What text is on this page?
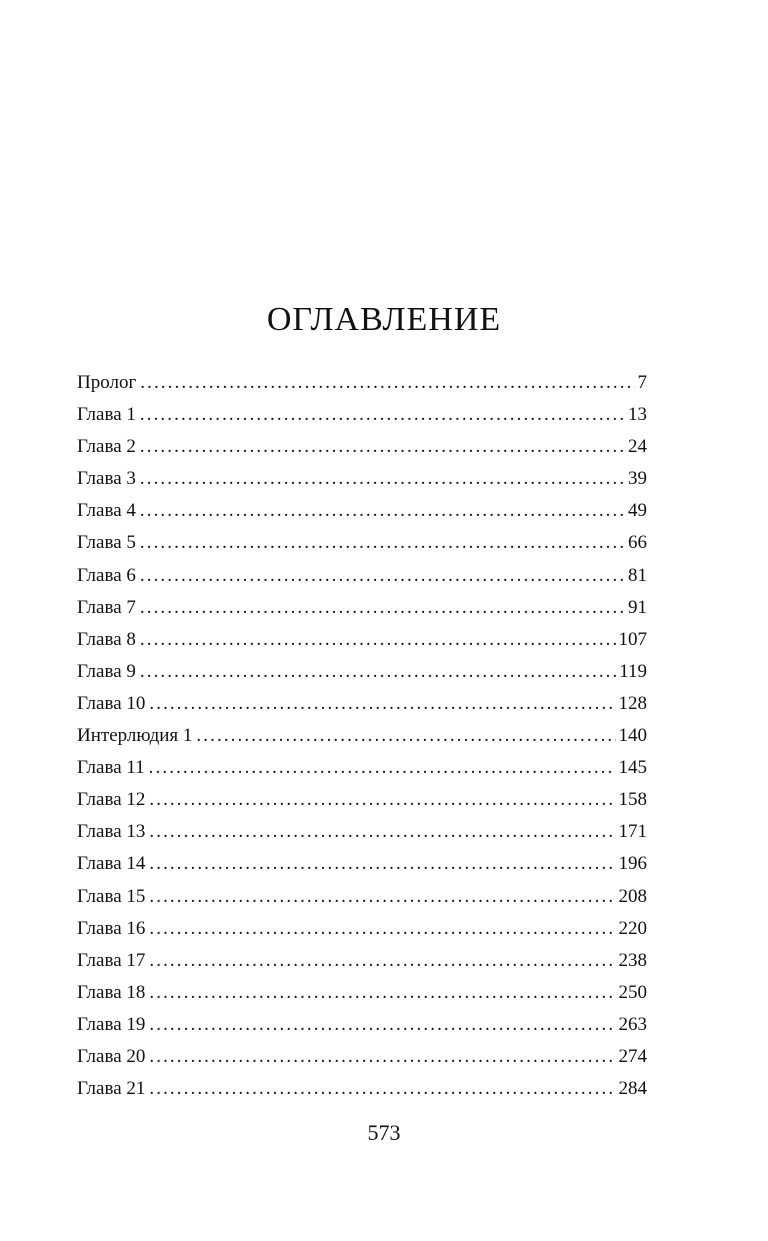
ОГЛАВЛЕНИЕ
Пролог .....	7
Глава 1 .....	13
Глава 2 .....	24
Глава 3 .....	39
Глава 4 .....	49
Глава 5 .....	66
Глава 6 .....	81
Глава 7 .....	91
Глава 8 .....	107
Глава 9 .....	119
Глава 10 .....	128
Интерлюдия 1 .....	140
Глава 11 .....	145
Глава 12 .....	158
Глава 13 .....	171
Глава 14 .....	196
Глава 15 .....	208
Глава 16 .....	220
Глава 17 .....	238
Глава 18 .....	250
Глава 19 .....	263
Глава 20 .....	274
Глава 21 .....	284
573
